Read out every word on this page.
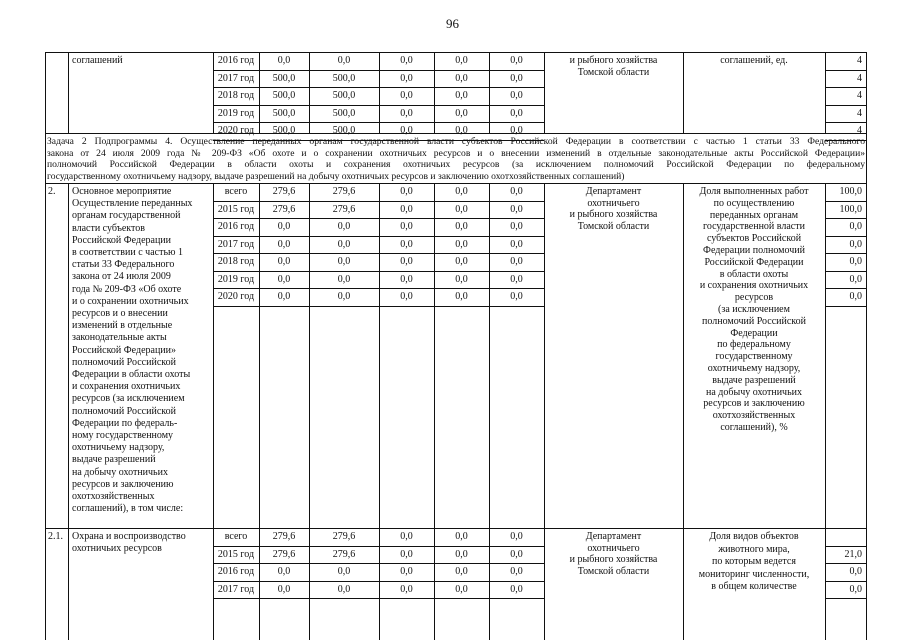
96
2016 год	0,0	0,0	0,0	0,0	0,0	4
2017 год	500,0	500,0	0,0	0,0	0,0	4
2018 год	500,0	500,0	0,0	0,0	0,0	4
2019 год	500,0	500,0	0,0	0,0	0,0	4
2020 год	500,0	500,0	0,0	0,0	0,0	4
соглашений	и рыбного хозяйства
Томской области
соглашений, ед.
Задача 2 Подпрограммы 4. Осуществление переданных органам государственной власти субъектов Российской Федерации в соответствии с частью 1 статьи 33 Федерального
закона от 24 июля 2009 года № 209-ФЗ «Об охоте и о сохранении охотничьих ресурсов и о внесении изменений в отдельные законодательные акты Российской Федерации»
полномочий Российской Федерации в области охоты и сохранения охотничьих ресурсов (за исключением полномочий Российской Федерации по федеральному
государственному охотничьему надзору, выдаче разрешений на добычу охотничьих ресурсов и заключению охотхозяйственных соглашений)
всего	279,6	279,6	0,0	0,0	0,0	100,0
2015 год	279,6	279,6	0,0	0,0	0,0	100,0
2016 год	0,0	0,0	0,0	0,0	0,0	0,0
2017 год	0,0	0,0	0,0	0,0	0,0	0,0
2018 год	0,0	0,0	0,0	0,0	0,0	0,0
2019 год	0,0	0,0	0,0	0,0	0,0	0,0
2020 год	0,0	0,0	0,0	0,0	0,0	0,0
2.	Основное мероприятие
Осуществление переданных
органам государственной
власти субъектов
Российской Федерации
в соответствии с частью 1
статьи 33 Федерального
закона от 24 июля 2009
года № 209-ФЗ «Об охоте
и о сохранении охотничьих
ресурсов и о внесении
изменений в отдельные
законодательные акты
Российской Федерации»
полномочий Российской
Федерации в области охоты
и сохранения охотничьих
ресурсов (за исключением
полномочий Российской
Федерации по федераль-
ному государственному
охотничьему надзору,
выдаче разрешений
на добычу охотничьих
ресурсов и заключению
охотхозяйственных
соглашений), в том числе:
Департамент
охотничьего
и рыбного хозяйства
Томской области
Доля выполненных работ
по осуществлению
переданных органам
государственной власти
субъектов Российской
Федерации полномочий
Российской Федерации
в области охоты
и сохранения охотничьих
ресурсов
(за исключением
полномочий Российской
Федерации
по федеральному
государственному
охотничьему надзору,
выдаче разрешений
на добычу охотничьих
ресурсов и заключению
охотхозяйственных
соглашений), %
всего	279,6	279,6	0,0	0,0	0,0
2015 год	279,6	279,6	0,0	0,0	0,0	21,0
2016 год	0,0	0,0	0,0	0,0	0,0	0,0
2017 год	0,0	0,0	0,0	0,0	0,0	0,0
2.1. Охрана и воспроизводство
охотничьих ресурсов
Департамент
охотничьего
и рыбного хозяйства
Томской области
Доля видов объектов
животного мира,
по которым ведется
мониторинг численности,
в общем количестве
